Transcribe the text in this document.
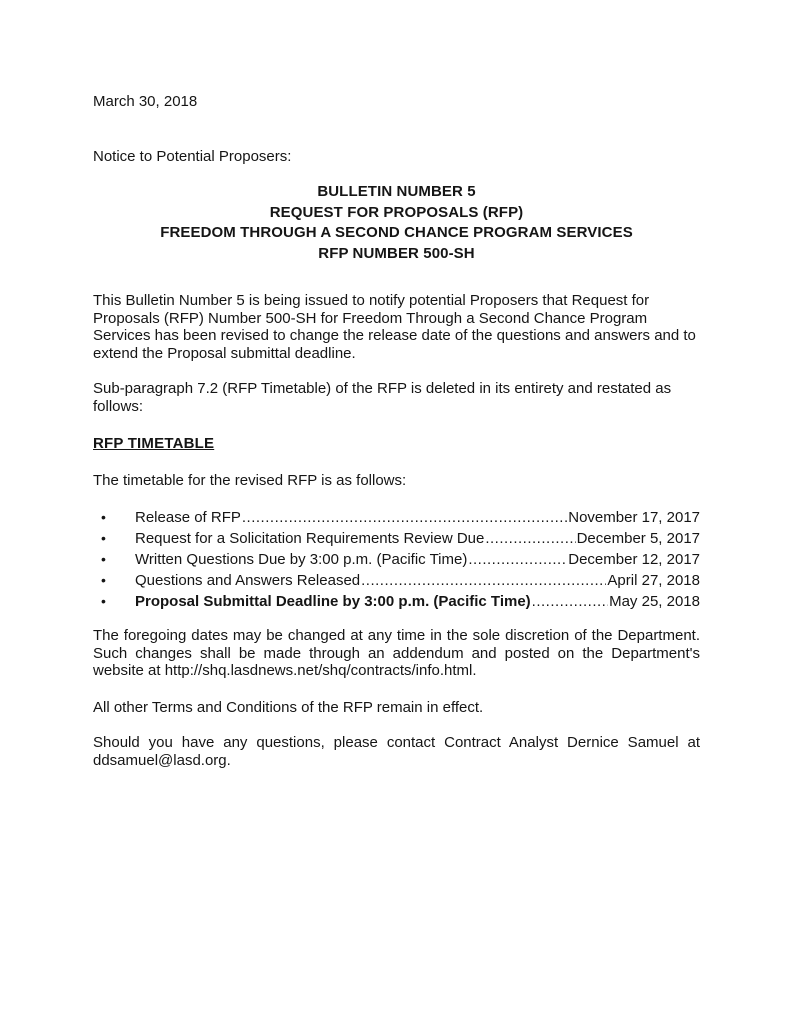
March 30, 2018

Notice to Potential Proposers:

BULLETIN NUMBER 5
REQUEST FOR PROPOSALS (RFP)
FREEDOM THROUGH A SECOND CHANCE PROGRAM SERVICES
RFP NUMBER 500-SH

This Bulletin Number 5 is being issued to notify potential Proposers that Request for Proposals (RFP) Number 500-SH for Freedom Through a Second Chance Program Services has been revised to change the release date of the questions and answers and to extend the Proposal submittal deadline.

Sub-paragraph 7.2 (RFP Timetable) of the RFP is deleted in its entirety and restated as follows:

RFP TIMETABLE

The timetable for the revised RFP is as follows:

•	Release of RFP .....	November 17, 2017
•	Request for a Solicitation Requirements Review Due .....	December 5, 2017
•	Written Questions Due by 3:00 p.m. (Pacific Time) .....	December 12, 2017
•	Questions and Answers Released .....	April 27, 2018
•	Proposal Submittal Deadline by 3:00 p.m. (Pacific Time) .....	May 25, 2018

The foregoing dates may be changed at any time in the sole discretion of the Department. Such changes shall be made through an addendum and posted on the Department's website at http://shq.lasdnews.net/shq/contracts/info.html.

All other Terms and Conditions of the RFP remain in effect.

Should you have any questions, please contact Contract Analyst Dernice Samuel at ddsamuel@lasd.org.
